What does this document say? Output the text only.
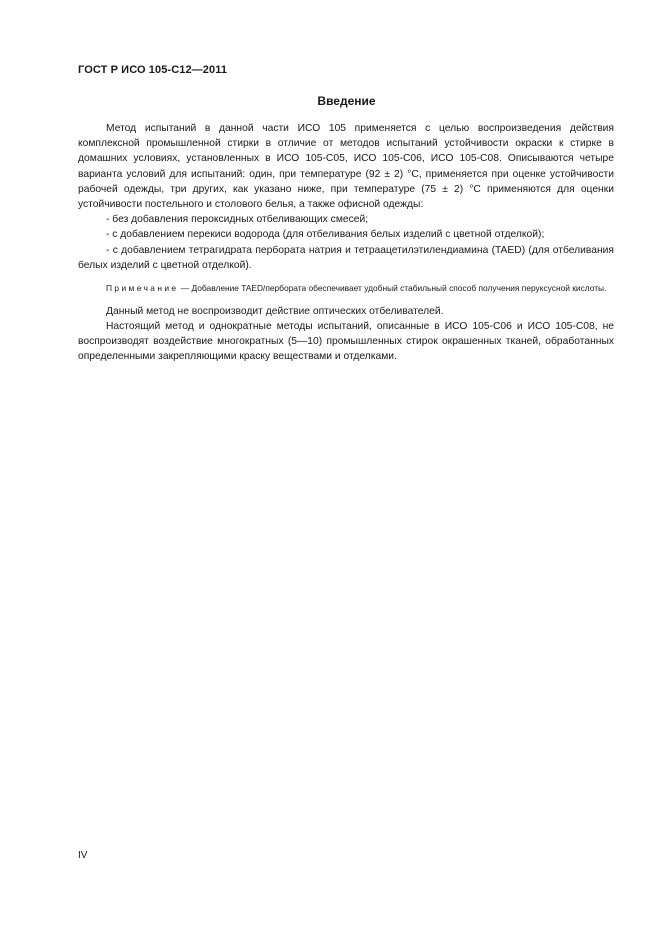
ГОСТ Р ИСО 105-С12—2011
Введение

Метод испытаний в данной части ИСО 105 применяется с целью воспроизведения действия комплексной промышленной стирки в отличие от методов испытаний устойчивости окраски к стирке в домашних условиях, установленных в ИСО 105-С05, ИСО 105-С06, ИСО 105-С08. Описываются четыре варианта условий для испытаний: один, при температуре (92 ± 2) °С, применяется при оценке устойчивости рабочей одежды, три других, как указано ниже, при температуре (75 ± 2) °С применяются для оценки устойчивости постельного и столового белья, а также офисной одежды:

- без добавления пероксидных отбеливающих смесей;

- с добавлением перекиси водорода (для отбеливания белых изделий с цветной отделкой);

- с добавлением тетрагидрата пербората натрия и тетраацетилэтилендиамина (TAED) (для отбеливания белых изделий с цветной отделкой).

Примечание — Добавление TAED/пербората обеспечивает удобный стабильный способ получения перуксусной кислоты.

Данный метод не воспроизводит действие оптических отбеливателей.

Настоящий метод и однократные методы испытаний, описанные в ИСО 105-С06 и ИСО 105-С08, не воспроизводят воздействие многократных (5—10) промышленных стирок окрашенных тканей, обработанных определенными закрепляющими краску веществами и отделками.

IV
